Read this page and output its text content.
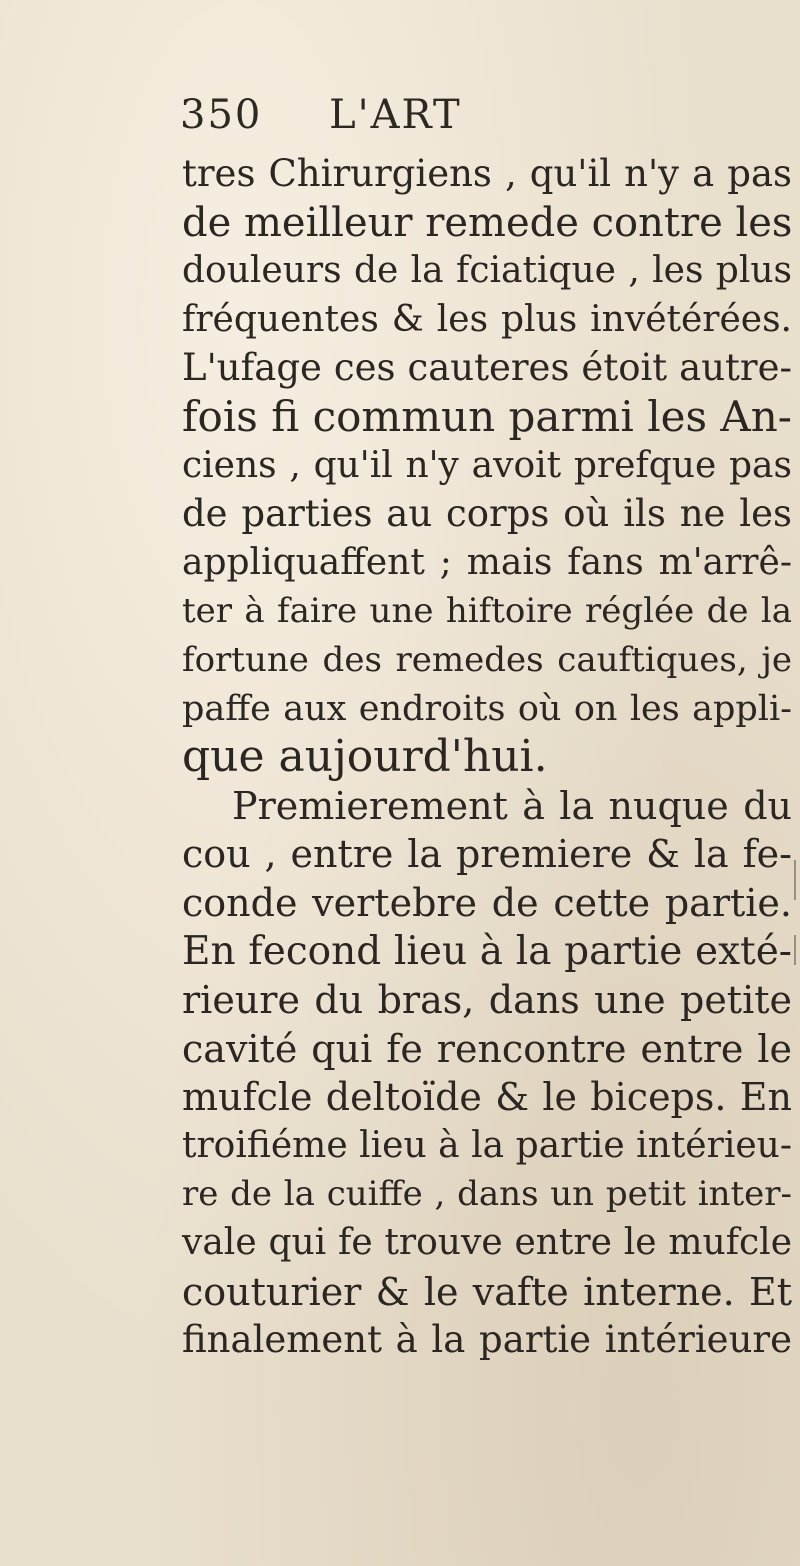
350 L'ART
tres Chirurgiens , qu'il n'y a pas
de meilleur remede contre les
douleurs de la fciatique , les plus
fréquentes & les plus invétérées.
L'ufage ces cauteres étoit autre-
fois fi commun parmi les An-
ciens , qu'il n'y avoit prefque pas
de parties au corps où ils ne les
appliquaffent ; mais fans m'arrê-
ter à faire une hiftoire réglée de la
fortune des remedes cauftiques, je
paffe aux endroits où on les appli-
que aujourd'hui.
Premierement à la nuque du
cou , entre la premiere & la fe-
conde vertebre de cette partie.
En fecond lieu à la partie exté-
rieure du bras, dans une petite
cavité qui fe rencontre entre le
mufcle deltoïde & le biceps. En
troifiéme lieu à la partie intérieu-
re de la cuiffe , dans un petit inter-
vale qui fe trouve entre le mufcle
couturier & le vafte interne. Et
finalement à la partie intérieure
